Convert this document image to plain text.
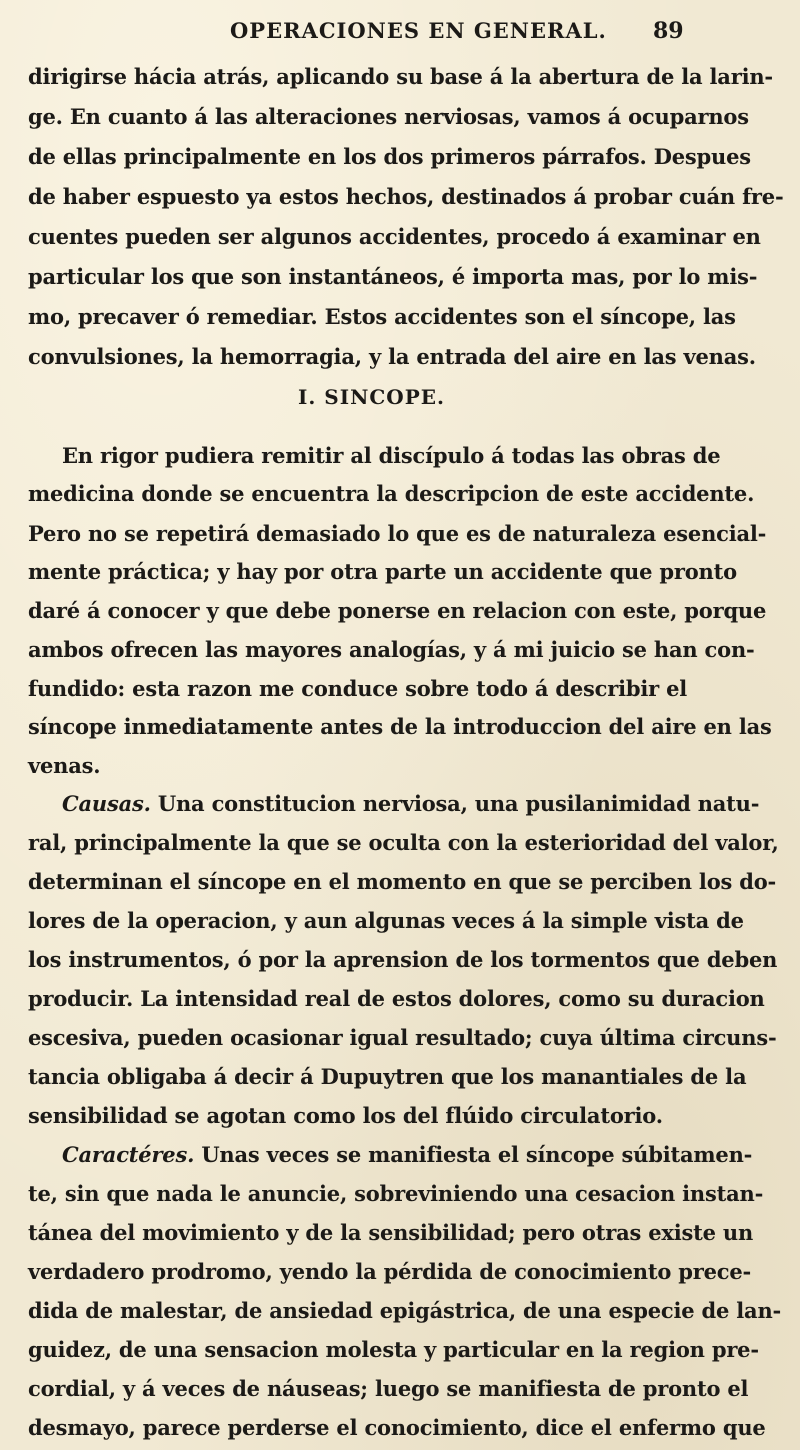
OPERACIONES EN GENERAL. 89
dirigirse hácia atrás, aplicando su base á la abertura de la larin-
ge. En cuanto á las alteraciones nerviosas, vamos á ocuparnos
de ellas principalmente en los dos primeros párrafos. Despues
de haber espuesto ya estos hechos, destinados á probar cuán fre-
cuentes pueden ser algunos accidentes, procedo á examinar en
particular los que son instantáneos, é importa mas, por lo mis-
mo, precaver ó remediar. Estos accidentes son el síncope, las
convulsiones, la hemorragia, y la entrada del aire en las venas.
I. SINCOPE.
En rigor pudiera remitir al discípulo á todas las obras de
medicina donde se encuentra la descripcion de este accidente.
Pero no se repetirá demasiado lo que es de naturaleza esencial-
mente práctica; y hay por otra parte un accidente que pronto
daré á conocer y que debe ponerse en relacion con este, porque
ambos ofrecen las mayores analogías, y á mi juicio se han con-
fundido: esta razon me conduce sobre todo á describir el
síncope inmediatamente antes de la introduccion del aire en las
venas.
Causas. Una constitucion nerviosa, una pusilanimidad natu-
ral, principalmente la que se oculta con la esterioridad del valor,
determinan el síncope en el momento en que se perciben los do-
lores de la operacion, y aun algunas veces á la simple vista de
los instrumentos, ó por la aprension de los tormentos que deben
producir. La intensidad real de estos dolores, como su duracion
escesiva, pueden ocasionar igual resultado; cuya última circuns-
tancia obligaba á decir á Dupuytren que los manantiales de la
sensibilidad se agotan como los del flúido circulatorio.
Caractéres. Unas veces se manifiesta el síncope súbitamen-
te, sin que nada le anuncie, sobreviniendo una cesacion instan-
tánea del movimiento y de la sensibilidad; pero otras existe un
verdadero prodromo, yendo la pérdida de conocimiento prece-
dida de malestar, de ansiedad epigástrica, de una especie de lan-
guidez, de una sensacion molesta y particular en la region pre-
cordial, y á veces de náuseas; luego se manifiesta de pronto el
desmayo, parece perderse el conocimiento, dice el enfermo que
